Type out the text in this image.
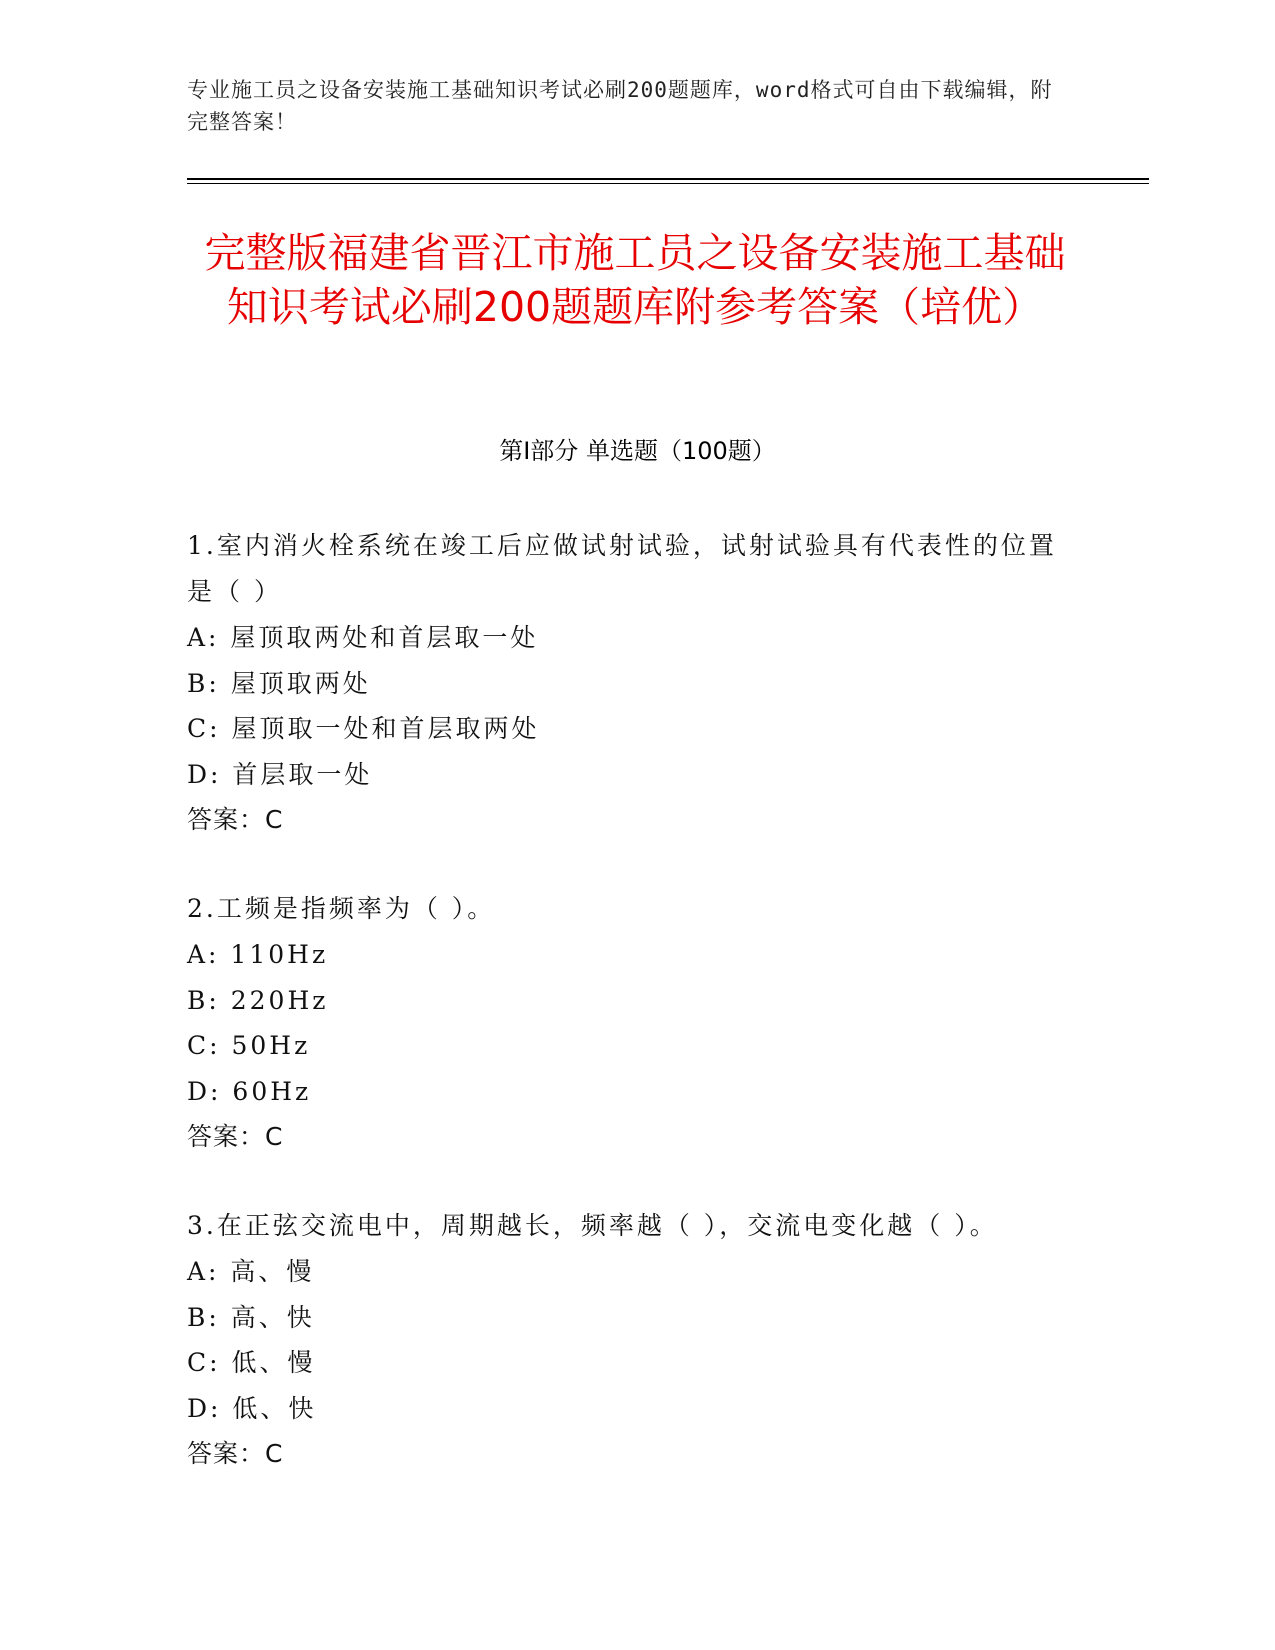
专业施工员之设备安装施工基础知识考试必刷200题题库，word格式可自由下载编辑，附完整答案！
完整版福建省晋江市施工员之设备安装施工基础知识考试必刷200题题库附参考答案（培优）
第I部分 单选题（100题）
1.室内消火栓系统在竣工后应做试射试验，试射试验具有代表性的位置是（ ）
A: 屋顶取两处和首层取一处
B: 屋顶取两处
C: 屋顶取一处和首层取两处
D: 首层取一处
答案：C
2.工频是指频率为（ ）。
A: 110Hz
B: 220Hz
C: 50Hz
D: 60Hz
答案：C
3.在正弦交流电中，周期越长，频率越（ ），交流电变化越（ ）。
A: 高、慢
B: 高、快
C: 低、慢
D: 低、快
答案：C
